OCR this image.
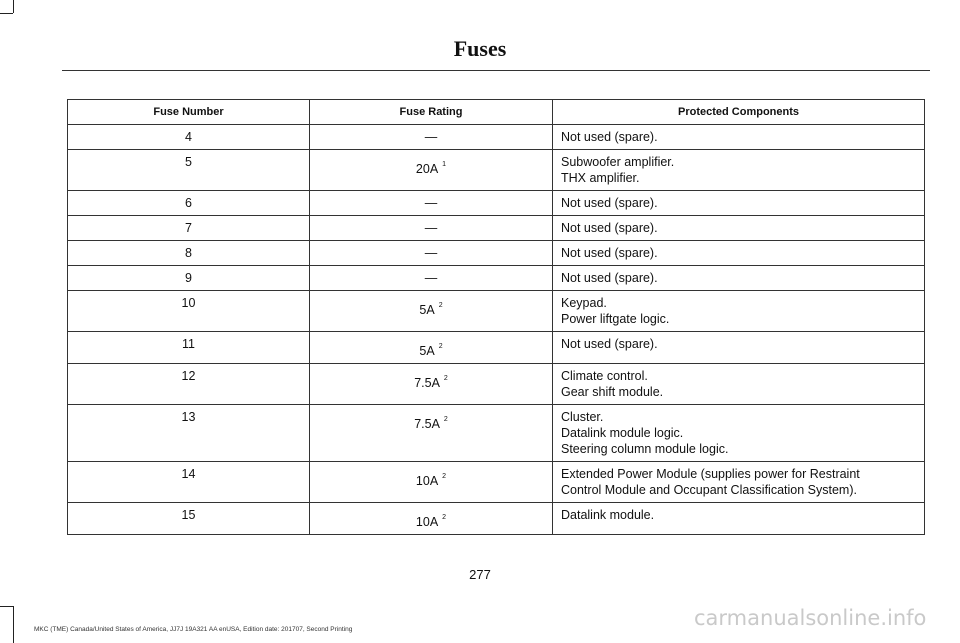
Fuses
Fuse Number	Fuse Rating	Protected Components
4	—	Not used (spare).

5	20A $^1$	Subwoofer amplifier.
THX amplifier.

6	—	Not used (spare).

7	—	Not used (spare).

8	—	Not used (spare).

9	—	Not used (spare).

10	5A $^2$	Keypad.
Power liftgate logic.

11	5A $^2$	Not used (spare).

12	7.5A $^2$	Climate control.
Gear shift module.

13	7.5A $^2$	Cluster.
Datalink module logic.
Steering column module logic.

14	10A $^2$	Extended Power Module (supplies power for Restraint
Control Module and Occupant Classification System).

15	10A $^2$	Datalink module.
277
MKC (TME) Canada/United States of America, JJ7J 19A321 AA enUSA, Edition date: 201707, Second Printing	carmanualsonline.info
